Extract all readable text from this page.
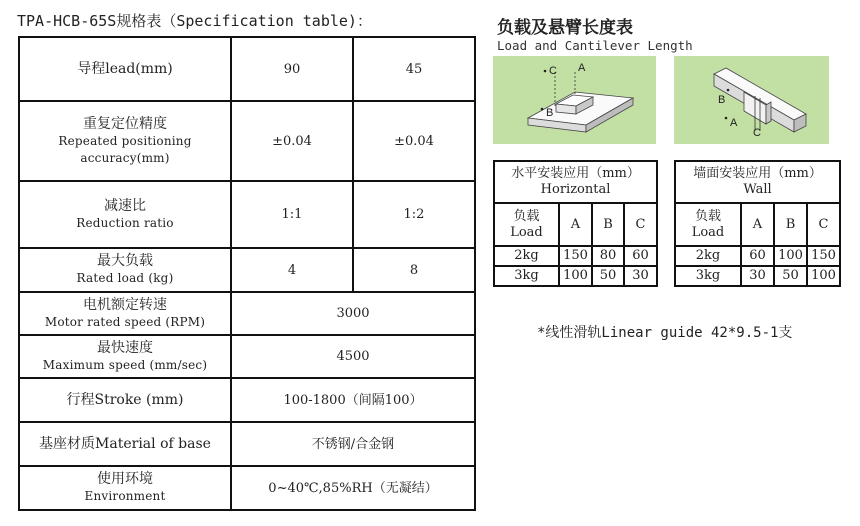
TPA-HCB-65S规格表（Specification table)：
导程lead(mm)	90	45

重复定位精度
Repeated positioning accuracy(mm)	±0.04	±0.04

减速比
Reduction ratio	1:1	1:2

最大负载
Rated load (kg)	4	8

电机额定转速
Motor rated speed (RPM)	3000	

最快速度
Maximum speed (mm/sec)	4500	

行程Stroke (mm)	100-1800（间隔100）	

基座材质Material of base	不锈钢/合金钢	

使用环境
Environment	0~40℃,85%RH（无凝结）	
负载及悬臂长度表
Load and Cantilever Length
C A
B
B
A
C
水平安装应用（mm）
Horizontal			

负载
Load	A	B	C
2kg	150	80	60
3kg	100	50	30
墙面安装应用（mm）
Wall			

负载
Load	A	B	C
2kg	60	100	150
3kg	30	50	100
*线性滑轨Linear guide 42*9.5-1支
